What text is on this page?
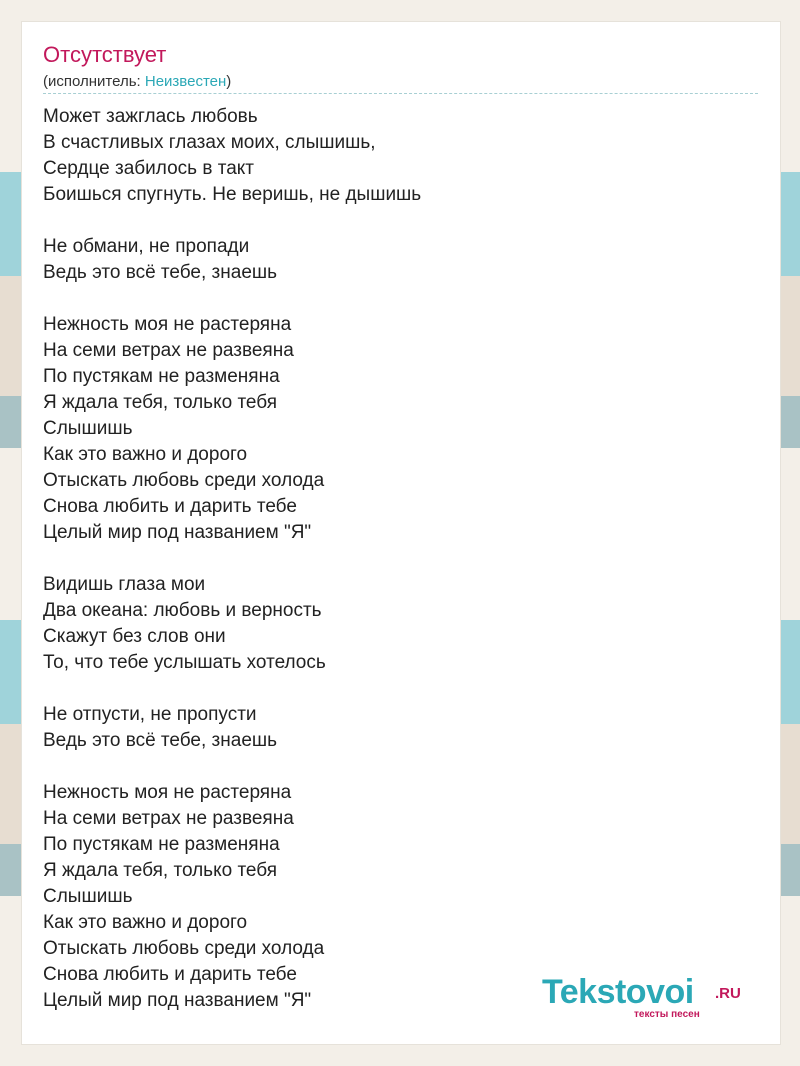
Отсутствует
(исполнитель: Неизвестен)
Может зажглась любовь
В счастливых глазах моих, слышишь,
Сердце забилось в такт
Боишься спугнуть. Не веришь, не дышишь
Не обмани, не пропади
Ведь это всё тебе, знаешь
Нежность моя не растеряна
На семи ветрах не развеяна
По пустякам не разменяна
Я ждала тебя, только тебя
Слышишь
Как это важно и дорого
Отыскать любовь среди холода
Снова любить и дарить тебе
Целый мир под названием "Я"
Видишь глаза мои
Два океана: любовь и верность
Скажут без слов они
То, что тебе услышать хотелось
Не отпусти, не пропусти
Ведь это всё тебе, знаешь
Нежность моя не растеряна
На семи ветрах не развеяна
По пустякам не разменяна
Я ждала тебя, только тебя
Слышишь
Как это важно и дорого
Отыскать любовь среди холода
Снова любить и дарить тебе
Целый мир под названием "Я"	Tekstovoi .RU
тексты песен
